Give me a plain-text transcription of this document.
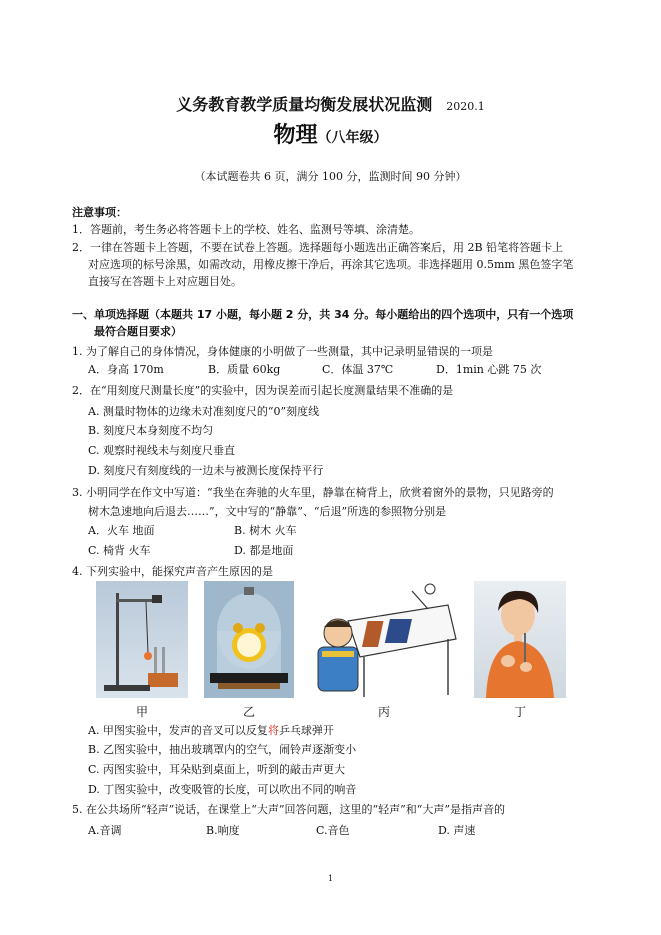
义务教育教学质量均衡发展状况监测 2020.1
物理（八年级）
（本试题卷共 6 页，满分 100 分，监测时间 90 分钟）
注意事项：
1．答题前，考生务必将答题卡上的学校、姓名、监测号等填、涂清楚。
2．一律在答题卡上答题，不要在试卷上答题。选择题每小题选出正确答案后，用 2B 铅笔将答题卡上
对应选项的标号涂黑，如需改动，用橡皮擦干净后，再涂其它选项。非选择题用 0.5mm 黑色签字笔
直接写在答题卡上对应题目处。
一、单项选择题（本题共 17 小题，每小题 2 分，共 34 分。每小题给出的四个选项中，只有一个选项
最符合题目要求）
1. 为了解自己的身体情况，身体健康的小明做了一些测量，其中记录明显错误的一项是
A．身高 170m	B．质量 60kg	C．体温 37℃	D．1min 心跳 75 次
2．在“用刻度尺测量长度”的实验中，因为误差而引起长度测量结果不准确的是
A. 测量时物体的边缘未对准刻度尺的“0”刻度线
B. 刻度尺本身刻度不均匀
C. 观察时视线未与刻度尺垂直
D. 刻度尺有刻度线的一边未与被测长度保持平行
3. 小明同学在作文中写道：“我坐在奔驰的火车里，静靠在椅背上，欣赏着窗外的景物，只见路旁的
树木急速地向后退去……”，文中写的“静靠”、“后退”所选的参照物分别是
A．火车 地面	B. 树木 火车
C. 椅背 火车	D. 都是地面
4. 下列实验中，能探究声音产生原因的是
甲	乙	丙	丁
A. 甲图实验中，发声的音叉可以反复将乒乓球弹开
B. 乙图实验中，抽出玻璃罩内的空气，闹铃声逐渐变小
C. 丙图实验中，耳朵贴到桌面上，听到的敲击声更大
D. 丁图实验中，改变吸管的长度，可以吹出不同的响音
5. 在公共场所“轻声”说话，在课堂上“大声”回答问题，这里的“轻声”和“大声”是指声音的
A.音调	B.响度	C.音色	D. 声速
1
